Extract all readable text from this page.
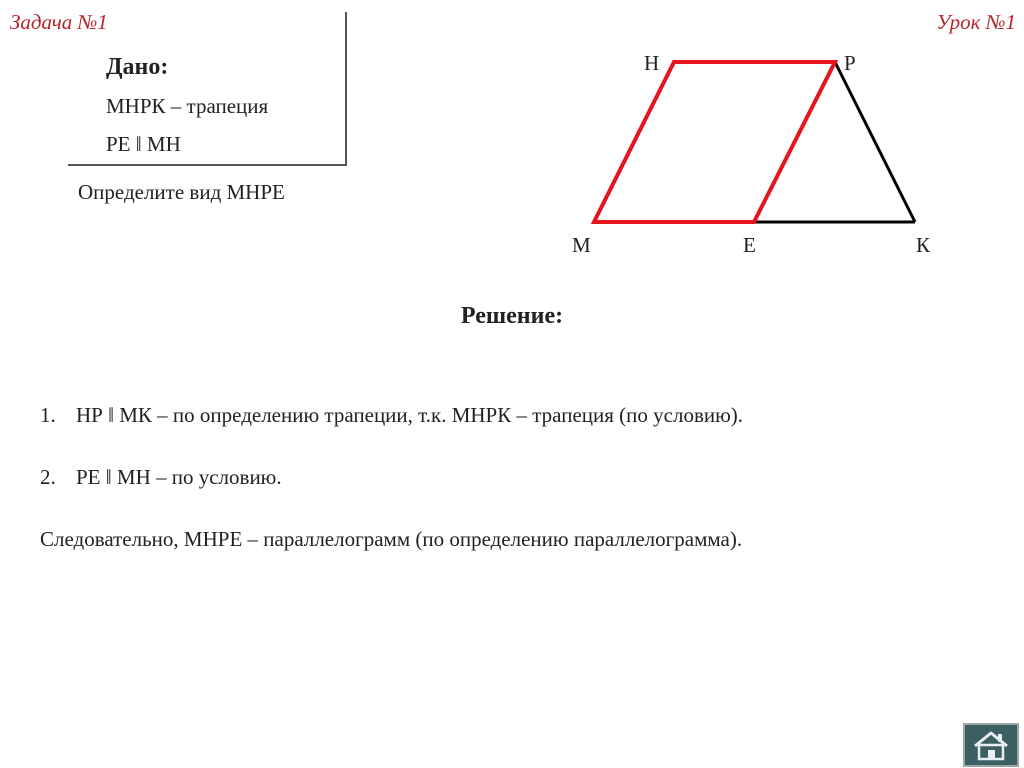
Задача №1	Урок №1
Дано:
МНРК – трапеция
РЕ ‖ МН
Определите вид МНРЕ
Н	Р
М	Е	К
Решение:
1. НР ‖ МК – по определению трапеции, т.к. МНРК – трапеция (по условию).
2. РЕ ‖ МН – по условию.
Следовательно, МНРЕ – параллелограмм (по определению параллелограмма).
